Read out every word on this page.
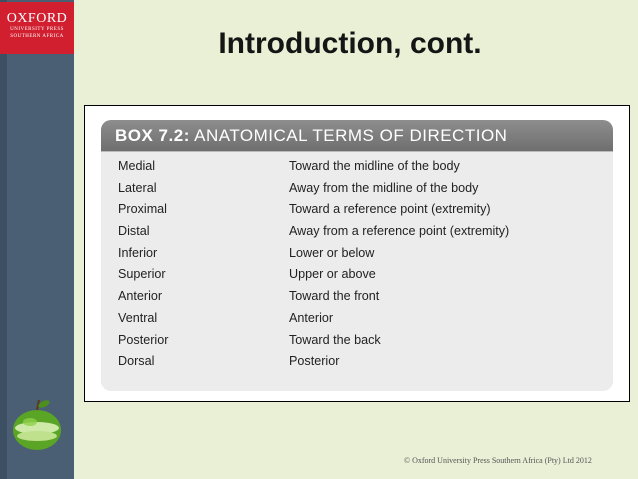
OXFORD
UNIVERSITY PRESS
SOUTHERN AFRICA	Introduction, cont.
BOX 7.2: ANATOMICAL TERMS OF DIRECTION
Medial	Toward the midline of the body
Lateral	Away from the midline of the body
Proximal	Toward a reference point (extremity)
Distal	Away from a reference point (extremity)
Inferior	Lower or below
Superior	Upper or above
Anterior	Toward the front
Ventral	Anterior
Posterior	Toward the back
Dorsal	Posterior
© Oxford University Press Southern Africa (Pty) Ltd 2012
